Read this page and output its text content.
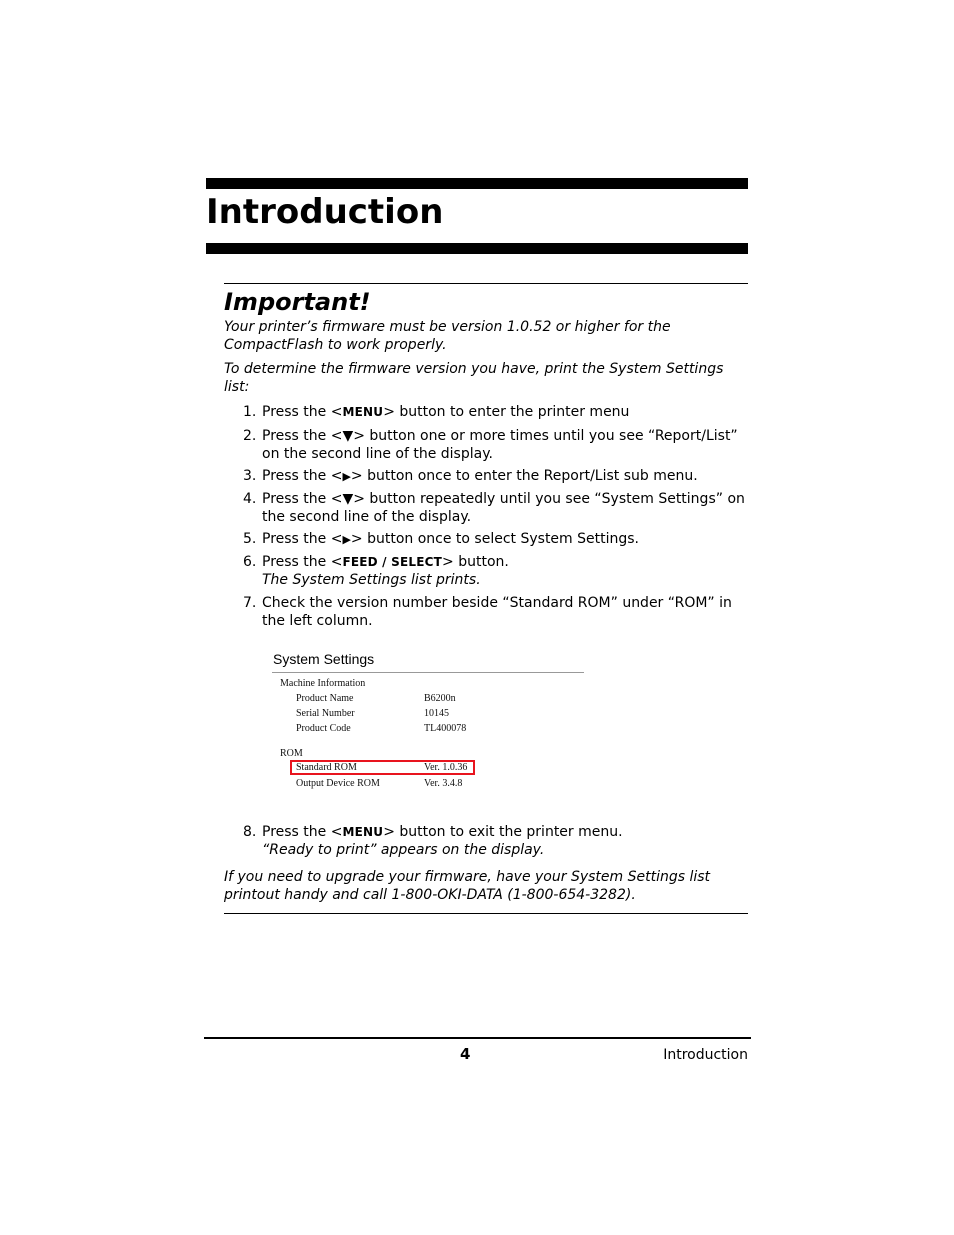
Introduction
Important!

Your printer’s firmware must be version 1.0.52 or higher for the CompactFlash to work properly.

To determine the firmware version you have, print the System Settings list:

1. Press the <MENU> button to enter the printer menu
2. Press the <▼> button one or more times until you see “Report/List” on the second line of the display.
3. Press the <▶> button once to enter the Report/List sub menu.
4. Press the <▼> button repeatedly until you see “System Settings” on the second line of the display.
5. Press the <▶> button once to select System Settings.
6. Press the <FEED / SELECT> button.
The System Settings list prints.
7. Check the version number beside “Standard ROM” under “ROM” in the left column.
System Settings
Machine Information
Product Name	B6200n
Serial Number	10145
Product Code	TL400078
ROM
Standard ROM	Ver. 1.0.36
Output Device ROM	Ver. 3.4.8
8. Press the <MENU> button to exit the printer menu.
“Ready to print” appears on the display.

If you need to upgrade your firmware, have your System Settings list printout handy and call 1-800-OKI-DATA (1-800-654-3282).

4	Introduction
